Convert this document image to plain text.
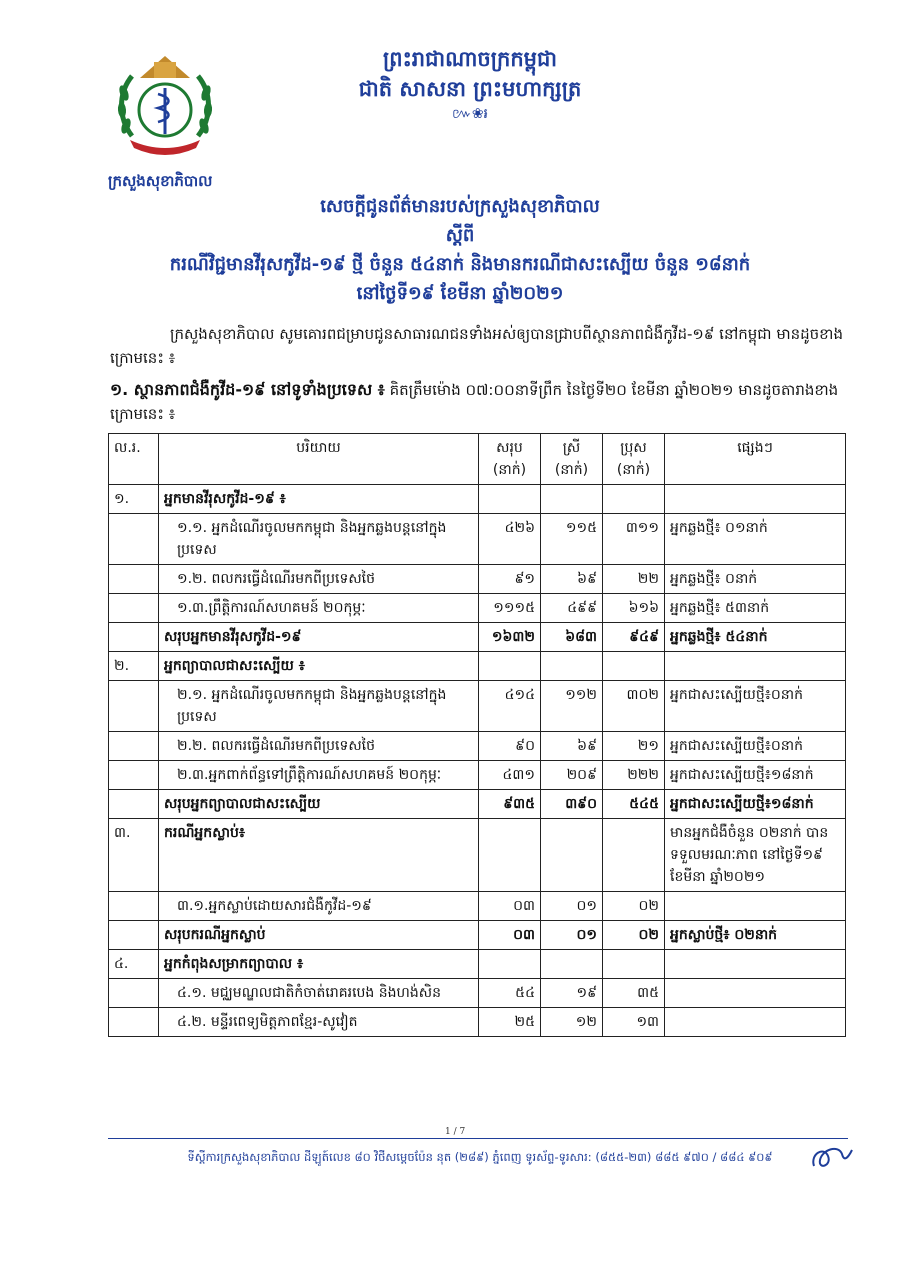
ក្រសួងសុខាភិបាល
ព្រះរាជាណាចក្រកម្ពុជា
ជាតិ សាសនា ព្រះមហាក្សត្រ
៚❀៛
សេចក្តីជូនព័ត៌មានរបស់ក្រសួងសុខាភិបាល
ស្តីពី
ករណីវិជ្ជមានវីរុសកូវីដ-១៩ ថ្មី ចំនួន ៥៤នាក់ និងមានករណីជាសះស្បើយ ចំនួន ១៨នាក់
នៅថ្ងៃទី១៩ ខែមីនា ឆ្នាំ២០២១
ក្រសួងសុខាភិបាល សូមគោរពជម្រាបជូនសាធារណជនទាំងអស់ឲ្យបានជ្រាបពីស្ថានភាពជំងឺកូវីដ-១៩ នៅកម្ពុជា មានដូចខាងក្រោមនេះ ៖
១. ស្ថានភាពជំងឺកូវីដ-១៩ នៅទូទាំងប្រទេស ៖ គិតត្រឹមម៉ោង ០៧:០០នាទីព្រឹក នៃថ្ងៃទី២០ ខែមីនា ឆ្នាំ២០២១ មានដូចតារាងខាងក្រោមនេះ ៖
ល.រ.	បរិយាយ	សរុប (នាក់)	ស្រី (នាក់)	ប្រុស (នាក់)	ផ្សេងៗ
១.	អ្នកមានវីរុសកូវីដ-១៩ ៖				
	១.១. អ្នកដំណើរចូលមកកម្ពុជា និងអ្នកឆ្លងបន្តនៅក្នុងប្រទេស	៤២៦	១១៥	៣១១	អ្នកឆ្លងថ្មី៖ ០១នាក់
	១.២. ពលករធ្វើដំណើរមកពីប្រទេសថៃ	៩១	៦៩	២២	អ្នកឆ្លងថ្មី៖ ០នាក់
	១.៣.ព្រឹត្តិការណ៍សហគមន៍ ២០កុម្ភៈ	១១១៥	៤៩៩	៦១៦	អ្នកឆ្លងថ្មី៖ ៥៣នាក់
	សរុបអ្នកមានវីរុសកូវីដ-១៩	១៦៣២	៦៨៣	៩៤៩	អ្នកឆ្លងថ្មី៖ ៥៤នាក់
២.	អ្នកព្យាបាលជាសះស្បើយ ៖				
	២.១. អ្នកដំណើរចូលមកកម្ពុជា និងអ្នកឆ្លងបន្តនៅក្នុងប្រទេស	៤១៤	១១២	៣០២	អ្នកជាសះស្បើយថ្មី៖០នាក់
	២.២. ពលករធ្វើដំណើរមកពីប្រទេសថៃ	៩០	៦៩	២១	អ្នកជាសះស្បើយថ្មី៖០នាក់
	២.៣.អ្នកពាក់ព័ន្ធទៅព្រឹត្តិការណ៍សហគមន៍ ២០កុម្ភៈ	៤៣១	២០៩	២២២	អ្នកជាសះស្បើយថ្មី៖១៨នាក់
	សរុបអ្នកព្យាបាលជាសះស្បើយ	៩៣៥	៣៩០	៥៤៥	អ្នកជាសះស្បើយថ្មី៖១៨នាក់
៣.	ករណីអ្នកស្លាប់៖				មានអ្នកជំងឺចំនួន ០២នាក់ បានទទួលមរណៈភាព នៅថ្ងៃទី១៩ ខែមីនា ឆ្នាំ២០២១
	៣.១.អ្នកស្លាប់ដោយសារជំងឺកូវីដ-១៩	០៣	០១	០២	
	សរុបករណីអ្នកស្លាប់	០៣	០១	០២	អ្នកស្លាប់ថ្មី៖ ០២នាក់
៤.	អ្នកកំពុងសម្រាកព្យាបាល ៖				
	៤.១. មជ្ឈមណ្ឌលជាតិកំចាត់រោគរបេង និងហង់សិន	៥៤	១៩	៣៥	
	៤.២. មន្ទីរពេទ្យមិត្តភាពខ្មែរ-សូវៀត	២៥	១២	១៣	
1 / 7
ទីស្តីការក្រសួងសុខាភិបាល ដីឡូត៍លេខ ៨០ វិថីសម្តេចប៉ែន នុត (២៨៩) ភ្នំពេញ ទូរស័ព្ទ-ទូរសារ: (៨៥៥-២៣) ៨៨៥ ៩៧០ / ៨៨៤ ៩០៩
